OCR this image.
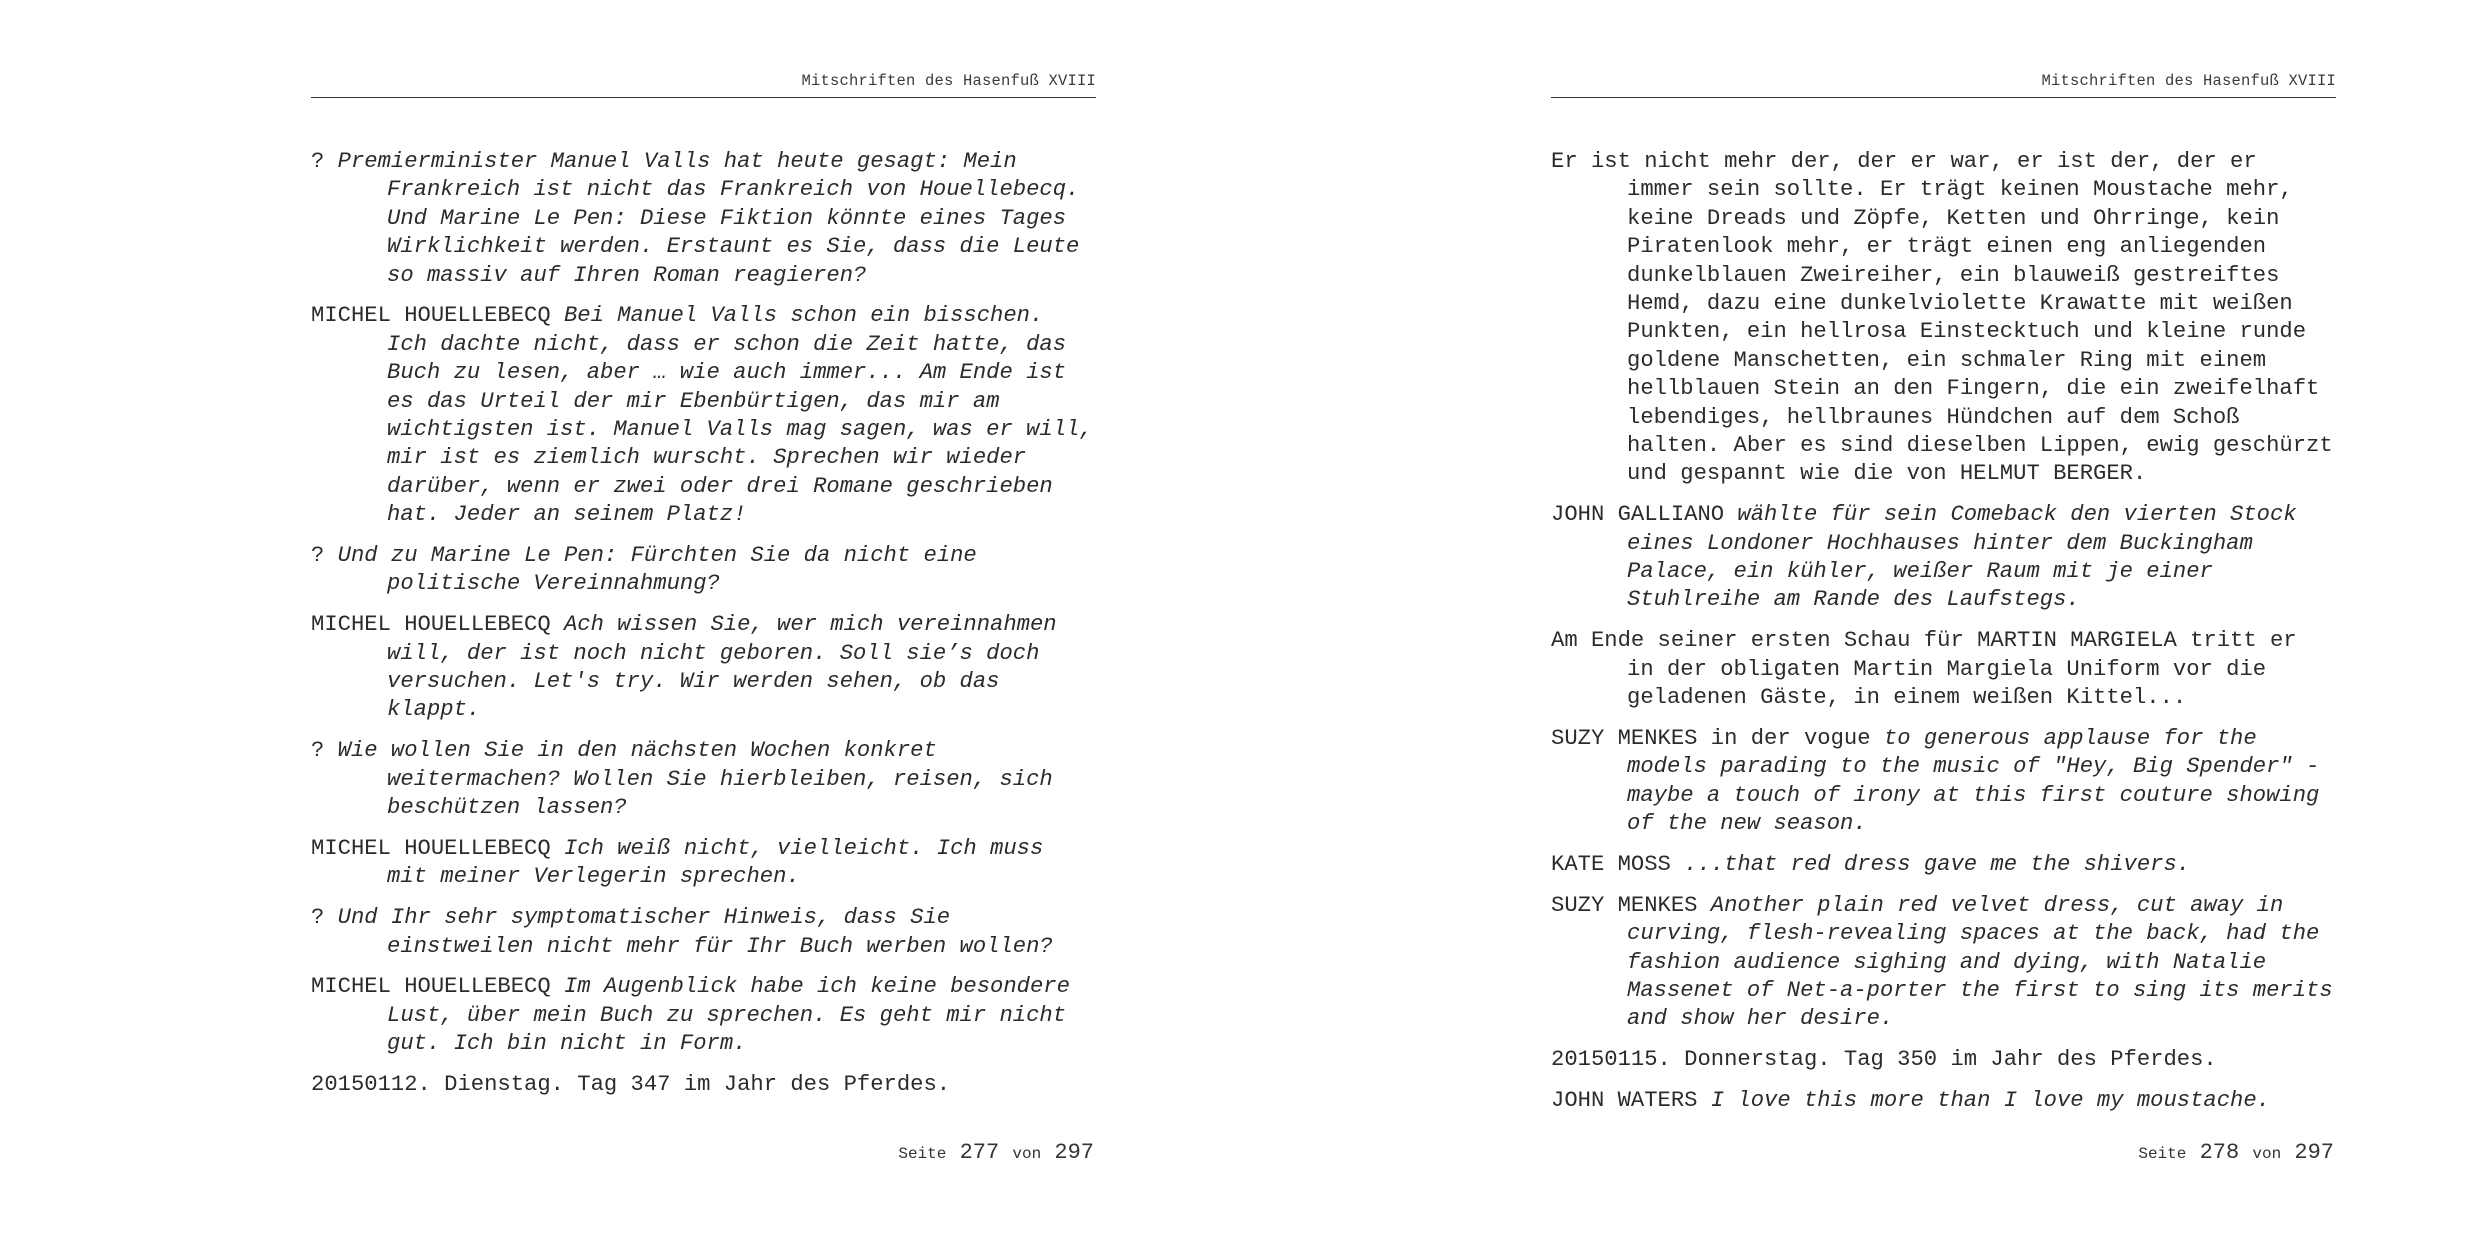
Mitschriften des Hasenfuß XVIII

? Premierminister Manuel Valls hat heute gesagt: Mein Frankreich ist nicht das Frankreich von Houellebecq. Und Marine Le Pen: Diese Fiktion könnte eines Tages Wirklichkeit werden. Erstaunt es Sie, dass die Leute so massiv auf Ihren Roman reagieren?

MICHEL HOUELLEBECQ Bei Manuel Valls schon ein bisschen. Ich dachte nicht, dass er schon die Zeit hatte, das Buch zu lesen, aber … wie auch immer... Am Ende ist es das Urteil der mir Ebenbürtigen, das mir am wichtigsten ist. Manuel Valls mag sagen, was er will, mir ist es ziemlich wurscht. Sprechen wir wieder darüber, wenn er zwei oder drei Romane geschrieben hat. Jeder an seinem Platz!

? Und zu Marine Le Pen: Fürchten Sie da nicht eine politische Vereinnahmung?

MICHEL HOUELLEBECQ Ach wissen Sie, wer mich vereinnahmen will, der ist noch nicht geboren. Soll sie’s doch versuchen. Let's try. Wir werden sehen, ob das klappt.

? Wie wollen Sie in den nächsten Wochen konkret weitermachen? Wollen Sie hierbleiben, reisen, sich beschützen lassen?

MICHEL HOUELLEBECQ Ich weiß nicht, vielleicht. Ich muss mit meiner Verlegerin sprechen.

? Und Ihr sehr symptomatischer Hinweis, dass Sie einstweilen nicht mehr für Ihr Buch werben wollen?

MICHEL HOUELLEBECQ Im Augenblick habe ich keine besondere Lust, über mein Buch zu sprechen. Es geht mir nicht gut. Ich bin nicht in Form.

20150112. Dienstag. Tag 347 im Jahr des Pferdes.

Seite 277 von 297
Mitschriften des Hasenfuß XVIII

Er ist nicht mehr der, der er war, er ist der, der er immer sein sollte. Er trägt keinen Moustache mehr, keine Dreads und Zöpfe, Ketten und Ohrringe, kein Piratenlook mehr, er trägt einen eng anliegenden dunkelblauen Zweireiher, ein blauweiß gestreiftes Hemd, dazu eine dunkelviolette Krawatte mit weißen Punkten, ein hellrosa Einstecktuch und kleine runde goldene Manschetten, ein schmaler Ring mit einem hellblauen Stein an den Fingern, die ein zweifelhaft lebendiges, hellbraunes Hündchen auf dem Schoß halten. Aber es sind dieselben Lippen, ewig geschürzt und gespannt wie die von HELMUT BERGER.

JOHN GALLIANO wählte für sein Comeback den vierten Stock eines Londoner Hochhauses hinter dem Buckingham Palace, ein kühler, weißer Raum mit je einer Stuhlreihe am Rande des Laufstegs.

Am Ende seiner ersten Schau für MARTIN MARGIELA tritt er in der obligaten Martin Margiela Uniform vor die geladenen Gäste, in einem weißen Kittel...

SUZY MENKES in der vogue to generous applause for the models parading to the music of "Hey, Big Spender" - maybe a touch of irony at this first couture showing of the new season.

KATE MOSS ...that red dress gave me the shivers.

SUZY MENKES Another plain red velvet dress, cut away in curving, flesh-revealing spaces at the back, had the fashion audience sighing and dying, with Natalie Massenet of Net-a-porter the first to sing its merits and show her desire.

20150115. Donnerstag. Tag 350 im Jahr des Pferdes.

JOHN WATERS I love this more than I love my moustache.

Seite 278 von 297
